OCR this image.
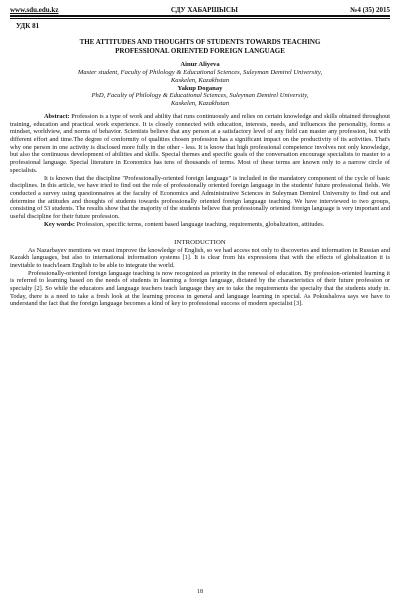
www.sdu.edu.kz	СДУ ХАБАРШЫСЫ	№4 (35) 2015
УДК 81
THE ATTITUDES AND THOUGHTS OF STUDENTS TOWARDS TEACHING
PROFESSIONAL ORIENTED FOREIGN LANGUAGE
Ainur Aliyeva
Master student, Faculty of Philology & Educational Sciences, Suleyman Demirel University,
Kaskelen, Kazakhstan
Yakup Doganay
PhD, Faculty of Philology & Educational Sciences, Suleyman Demirel University,
Kaskelen, Kazakhstan

Abstract: Profession is a type of work and ability that runs continuously and relies on certain knowledge and skills obtained throughout training, education and practical work experience. It is closely connected with education, interests, needs, and influences the personality, forms a mindset, worldview, and norms of behavior. Scientists believe that any person at a satisfactory level of any field can master any profession, but with different effort and time.The degree of conformity of qualities chosen profession has a significant impact on the productivity of its activities. That's why one person in one activity is disclosed more fully in the other - less. It is know that high professional competence involves not only knowledge, but also the continuous development of abilities and skills. Special themes and specific goals of the conversation encourage specialists to master to a professional language. Special literature in Economics has tens of thousands of terms. Most of these terms are known only to a narrow circle of specialists.

It is known that the discipline "Professionally-oriented foreign language" is included in the mandatory component of the cycle of basic disciplines. In this article, we have tried to find out the role of professionally oriented foreign language in the students' future professional fields. We conducted a survey using questionnaires at the faculty of Economics and Administrative Sciences in Suleyman Demirel University to find out and determine the attitudes and thoughts of students towards professionally oriented foreign language teaching. We have interviewed to two groups, consisting of 53 students. The results show that the majority of the students believe that professionally oriented foreign language is very important and useful discipline for their future profession.

Key words: Profession, specific terms, content based language teaching, requirements, globalization, attitudes.

INTRODUCTION

As Nazarbayev mentions we must improve the knowledge of English, so we had access not only to discoveries and information in Russian and Kazakh languages, but also to international information systems [1]. It is clear from his expressions that with the effects of globalization it is inevitable to teach/learn English to be able to integrate the world.

Professionally-oriented foreign language teaching is now recognized as priority in the renewal of education. By profession-oriented learning it is referred to learning based on the needs of students in learning a foreign language, dictated by the characteristics of their future profession or specialty [2]. So while the educators and language teachers teach language they are to take the requirements the specialty that the students study in. Today, there is a need to take a fresh look at the learning process in general and language learning in special. As Pokushalova says we have to understand the fact that the foreign language becomes a kind of key to professional success of modern specialist [3].

18
